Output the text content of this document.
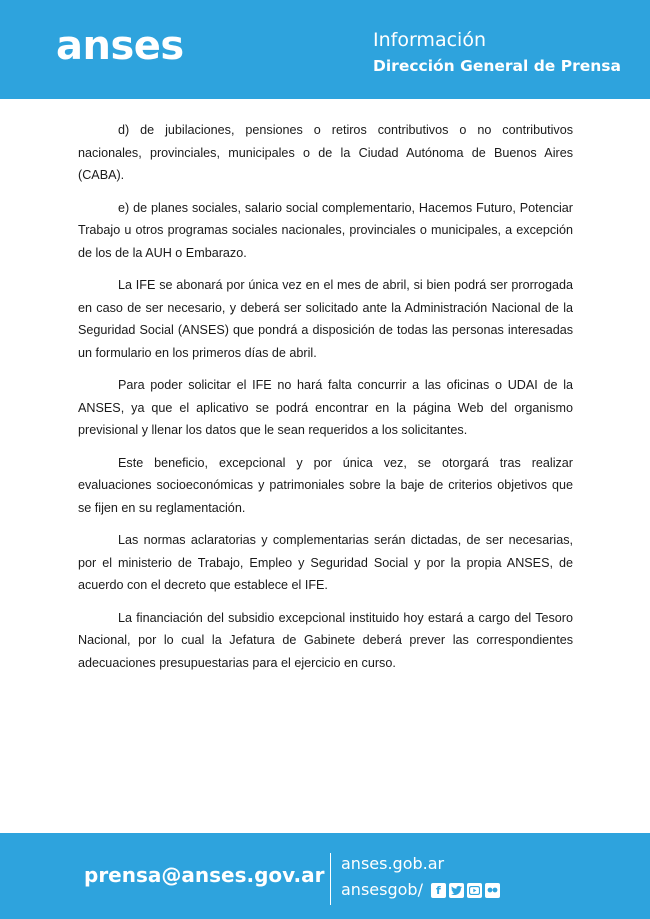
anses	Información
Dirección General de Prensa

d) de jubilaciones, pensiones o retiros contributivos o no contributivos nacionales, provinciales, municipales o de la Ciudad Autónoma de Buenos Aires (CABA).

e) de planes sociales, salario social complementario, Hacemos Futuro, Potenciar Trabajo u otros programas sociales nacionales, provinciales o municipales, a excepción de los de la AUH o Embarazo.

La IFE se abonará por única vez en el mes de abril, si bien podrá ser prorrogada en caso de ser necesario, y deberá ser solicitado ante la Administración Nacional de la Seguridad Social (ANSES) que pondrá a disposición de todas las personas interesadas un formulario en los primeros días de abril.

Para poder solicitar el IFE no hará falta concurrir a las oficinas o UDAI de la ANSES, ya que el aplicativo se podrá encontrar en la página Web del organismo previsional y llenar los datos que le sean requeridos a los solicitantes.

Este beneficio, excepcional y por única vez, se otorgará tras realizar evaluaciones socioeconómicas y patrimoniales sobre la baje de criterios objetivos que se fijen en su reglamentación.

Las normas aclaratorias y complementarias serán dictadas, de ser necesarias, por el ministerio de Trabajo, Empleo y Seguridad Social y por la propia ANSES, de acuerdo con el decreto que establece el IFE.

La financiación del subsidio excepcional instituido hoy estará a cargo del Tesoro Nacional, por lo cual la Jefatura de Gabinete deberá prever las correspondientes adecuaciones presupuestarias para el ejercicio en curso.

prensa@anses.gov.ar anses.gob.ar
ansesgob/	f
